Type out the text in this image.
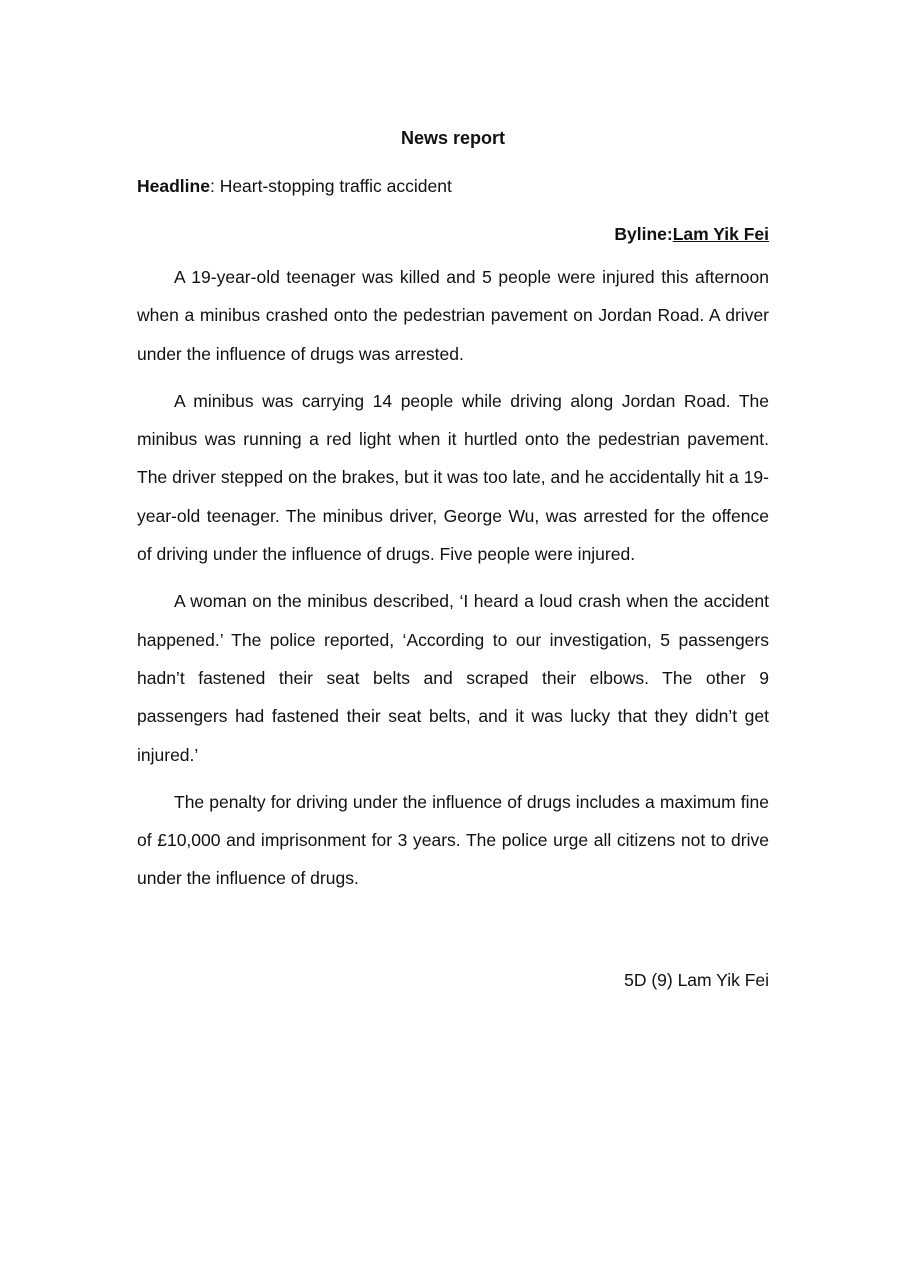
News report
Headline: Heart-stopping traffic accident
Byline:Lam Yik Fei

A 19-year-old teenager was killed and 5 people were injured this afternoon when a minibus crashed onto the pedestrian pavement on Jordan Road. A driver under the influence of drugs was arrested.

A minibus was carrying 14 people while driving along Jordan Road. The minibus was running a red light when it hurtled onto the pedestrian pavement. The driver stepped on the brakes, but it was too late, and he accidentally hit a 19-year-old teenager. The minibus driver, George Wu, was arrested for the offence of driving under the influence of drugs. Five people were injured.

A woman on the minibus described, ‘I heard a loud crash when the accident happened.’ The police reported, ‘According to our investigation, 5 passengers hadn’t fastened their seat belts and scraped their elbows. The other 9 passengers had fastened their seat belts, and it was lucky that they didn’t get injured.’

The penalty for driving under the influence of drugs includes a maximum fine of £10,000 and imprisonment for 3 years. The police urge all citizens not to drive under the influence of drugs.

5D (9) Lam Yik Fei
